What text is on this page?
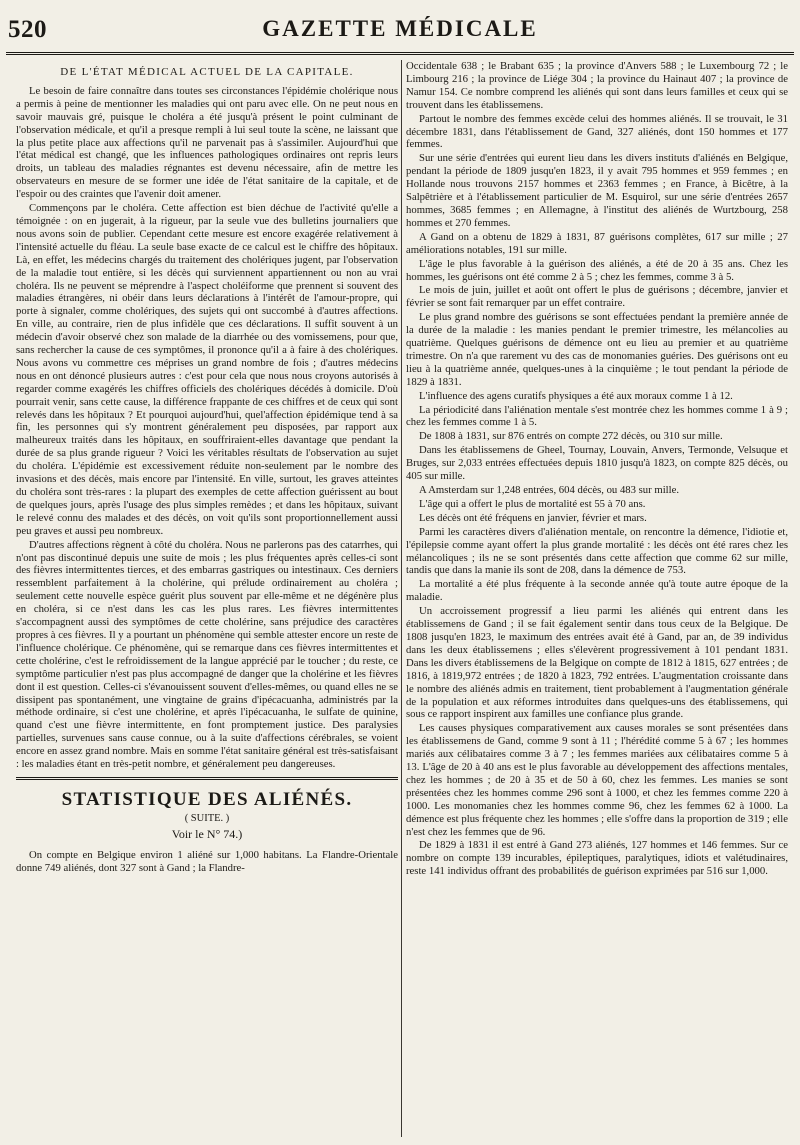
520	GAZETTE MÉDICALE
DE L'ÉTAT MÉDICAL ACTUEL DE LA CAPITALE.

Le besoin de faire connaître dans toutes ses circonstances l'épidémie cholérique nous a permis à peine de mentionner les maladies qui ont paru avec elle. On ne peut nous en savoir mauvais gré, puisque le choléra a été jusqu'à présent le point culminant de l'observation médicale, et qu'il a presque rempli à lui seul toute la scène, ne laissant que la plus petite place aux affections qu'il ne parvenait pas à s'assimiler. Aujourd'hui que l'état médical est changé, que les influences pathologiques ordinaires ont repris leurs droits, un tableau des maladies régnantes est devenu nécessaire, afin de mettre les observateurs en mesure de se former une idée de l'état sanitaire de la capitale, et de l'espoir ou des craintes que l'avenir doit amener.

Commençons par le choléra. Cette affection est bien déchue de l'activité qu'elle a témoignée : on en jugerait, à la rigueur, par la seule vue des bulletins journaliers que nous avons soin de publier. Cependant cette mesure est encore exagérée relativement à l'intensité actuelle du fléau. La seule base exacte de ce calcul est le chiffre des hôpitaux. Là, en effet, les médecins chargés du traitement des cholériques jugent, par l'observation de la maladie tout entière, si les décès qui surviennent appartiennent ou non au vrai choléra. Ils ne peuvent se méprendre à l'aspect choléiforme que prennent si souvent des maladies étrangères, ni obéir dans leurs déclarations à l'intérêt de l'amour-propre, qui porte à signaler, comme cholériques, des sujets qui ont succombé à d'autres affections. En ville, au contraire, rien de plus infidèle que ces déclarations. Il suffit souvent à un médecin d'avoir observé chez son malade de la diarrhée ou des vomissemens, pour que, sans rechercher la cause de ces symptômes, il prononce qu'il a à faire à des cholériques. Nous avons vu commettre ces méprises un grand nombre de fois ; d'autres médecins nous en ont dénoncé plusieurs autres : c'est pour cela que nous nous croyons autorisés à regarder comme exagérés les chiffres officiels des cholériques décédés à domicile. D'où pourrait venir, sans cette cause, la différence frappante de ces chiffres et de ceux qui sont relevés dans les hôpitaux ? Et pourquoi aujourd'hui, quel'affection épidémique tend à sa fin, les personnes qui s'y montrent généralement peu disposées, par rapport aux malheureux traités dans les hôpitaux, en souffriraient-elles davantage que pendant la durée de sa plus grande rigueur ? Voici les véritables résultats de l'observation au sujet du choléra. L'épidémie est excessivement réduite non-seulement par le nombre des invasions et des décès, mais encore par l'intensité. En ville, surtout, les graves atteintes du choléra sont très-rares : la plupart des exemples de cette affection guérissent au bout de quelques jours, après l'usage des plus simples remèdes ; et dans les hôpitaux, suivant le relevé connu des malades et des décès, on voit qu'ils sont proportionnellement aussi peu graves et aussi peu nombreux.

D'autres affections règnent à côté du choléra. Nous ne parlerons pas des catarrhes, qui n'ont pas discontinué depuis une suite de mois ; les plus fréquentes après celles-ci sont des fièvres intermittentes tierces, et des embarras gastriques ou intestinaux. Ces derniers ressemblent parfaitement à la cholérine, qui prélude ordinairement au choléra ; seulement cette nouvelle espèce guérit plus souvent par elle-même et ne dégénère plus en choléra, si ce n'est dans les cas les plus rares. Les fièvres intermittentes s'accompagnent aussi des symptômes de cette cholérine, sans préjudice des caractères propres à ces fièvres. Il y a pourtant un phénomène qui semble attester encore un reste de l'influence cholérique. Ce phénomène, qui se remarque dans ces fièvres intermittentes et cette cholérine, c'est le refroidissement de la langue apprécié par le toucher ; du reste, ce symptôme particulier n'est pas plus accompagné de danger que la cholérine et les fièvres dont il est question. Celles-ci s'évanouissent souvent d'elles-mêmes, ou quand elles ne se dissipent pas spontanément, une vingtaine de grains d'ipécacuanha, administrés par la méthode ordinaire, si c'est une cholérine, et après l'ipécacuanha, le sulfate de quinine, quand c'est une fièvre intermittente, en font promptement justice. Des paralysies partielles, survenues sans cause connue, ou à la suite d'affections cérébrales, se voient encore en assez grand nombre. Mais en somme l'état sanitaire général est très-satisfaisant : les maladies étant en très-petit nombre, et généralement peu dangereuses.

STATISTIQUE DES ALIÉNÉS.
( SUITE. )
Voir le N° 74.)

On compte en Belgique environ 1 aliéné sur 1,000 habitans. La Flandre-Orientale donne 749 aliénés, dont 327 sont à Gand ; la Flandre-

Occidentale 638 ; le Brabant 635 ; la province d'Anvers 588 ; le Luxembourg 72 ; le Limbourg 216 ; la province de Liége 304 ; la province du Hainaut 407 ; la province de Namur 154. Ce nombre comprend les aliénés qui sont dans leurs familles et ceux qui se trouvent dans les établissemens.

Partout le nombre des femmes excède celui des hommes aliénés. Il se trouvait, le 31 décembre 1831, dans l'établissement de Gand, 327 aliénés, dont 150 hommes et 177 femmes.

Sur une série d'entrées qui eurent lieu dans les divers instituts d'aliénés en Belgique, pendant la période de 1809 jusqu'en 1823, il y avait 795 hommes et 959 femmes ; en Hollande nous trouvons 2157 hommes et 2363 femmes ; en France, à Bicêtre, à la Salpêtrière et à l'établissement particulier de M. Esquirol, sur une série d'entrées 2657 hommes, 3685 femmes ; en Allemagne, à l'institut des aliénés de Wurtzbourg, 258 hommes et 270 femmes.

A Gand on a obtenu de 1829 à 1831, 87 guérisons complètes, 617 sur mille ; 27 améliorations notables, 191 sur mille.

L'âge le plus favorable à la guérison des aliénés, a été de 20 à 35 ans. Chez les hommes, les guérisons ont été comme 2 à 5 ; chez les femmes, comme 3 à 5.

Le mois de juin, juillet et août ont offert le plus de guérisons ; décembre, janvier et février se sont fait remarquer par un effet contraire.

Le plus grand nombre des guérisons se sont effectuées pendant la première année de la durée de la maladie : les manies pendant le premier trimestre, les mélancolies au quatrième. Quelques guérisons de démence ont eu lieu au premier et au quatrième trimestre. On n'a que rarement vu des cas de monomanies guéries. Des guérisons ont eu lieu à la quatrième année, quelques-unes à la cinquième ; le tout pendant la période de 1829 à 1831.

L'influence des agens curatifs physiques a été aux moraux comme 1 à 12.

La périodicité dans l'aliénation mentale s'est montrée chez les hommes comme 1 à 9 ; chez les femmes comme 1 à 5.

De 1808 à 1831, sur 876 entrés on compte 272 décès, ou 310 sur mille.

Dans les établissemens de Gheel, Tournay, Louvain, Anvers, Termonde, Velsuque et Bruges, sur 2,033 entrées effectuées depuis 1810 jusqu'à 1823, on compte 825 décès, ou 405 sur mille.

A Amsterdam sur 1,248 entrées, 604 décès, ou 483 sur mille.

L'âge qui a offert le plus de mortalité est 55 à 70 ans.

Les décès ont été fréquens en janvier, février et mars.

Parmi les caractères divers d'aliénation mentale, on rencontre la démence, l'idiotie et, l'épilepsie comme ayant offert la plus grande mortalité : les décès ont été rares chez les mélancoliques ; ils ne se sont présentés dans cette affection que comme 62 sur mille, tandis que dans la manie ils sont de 208, dans la démence de 753.

La mortalité a été plus fréquente à la seconde année qu'à toute autre époque de la maladie.

Un accroissement progressif a lieu parmi les aliénés qui entrent dans les établissemens de Gand ; il se fait également sentir dans tous ceux de la Belgique. De 1808 jusqu'en 1823, le maximum des entrées avait été à Gand, par an, de 39 individus dans les deux établissemens ; elles s'élevèrent progressivement à 101 pendant 1831. Dans les divers établissemens de la Belgique on compte de 1812 à 1815, 627 entrées ; de 1816, à 1819,972 entrées ; de 1820 à 1823, 792 entrées. L'augmentation croissante dans le nombre des aliénés admis en traitement, tient probablement à l'augmentation générale de la population et aux réformes introduites dans quelques-uns des établissemens, qui sous ce rapport inspirent aux familles une confiance plus grande.

Les causes physiques comparativement aux causes morales se sont présentées dans les établissemens de Gand, comme 9 sont à 11 ; l'hérédité comme 5 à 67 ; les hommes mariés aux célibataires comme 3 à 7 ; les femmes mariées aux célibataires comme 5 à 13. L'âge de 20 à 40 ans est le plus favorable au développement des affections mentales, chez les hommes ; de 20 à 35 et de 50 à 60, chez les femmes. Les manies se sont présentées chez les hommes comme 296 sont à 1000, et chez les femmes comme 220 à 1000. Les monomanies chez les hommes comme 96, chez les femmes 62 à 1000. La démence est plus fréquente chez les hommes ; elle s'offre dans la proportion de 319 ; elle n'est chez les femmes que de 96.

De 1829 à 1831 il est entré à Gand 273 aliénés, 127 hommes et 146 femmes. Sur ce nombre on compte 139 incurables, épileptiques, paralytiques, idiots et valétudinaires, reste 141 individus offrant des probabilités de guérison exprimées par 516 sur 1,000.
